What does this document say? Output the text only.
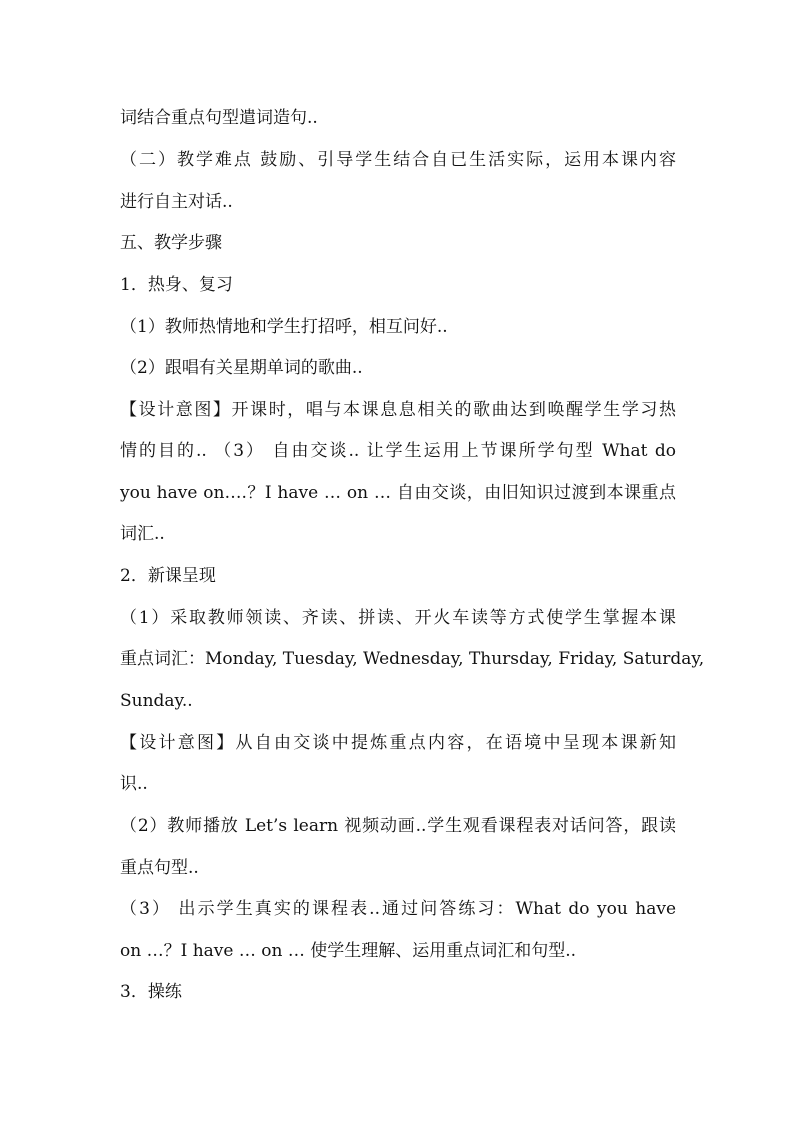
词结合重点句型遣词造句..
（二）教学难点 鼓励、引导学生结合自已生活实际，运用本课内容
进行自主对话..
五、教学步骤
1．热身、复习
（1）教师热情地和学生打招呼，相互问好..
（2）跟唱有关星期单词的歌曲..
【设计意图】开课时，唱与本课息息相关的歌曲达到唤醒学生学习热
情的目的.. （3） 自由交谈.. 让学生运用上节课所学句型 What do
you have on….？I have … on … 自由交谈，由旧知识过渡到本课重点
词汇..
2．新课呈现
（1）采取教师领读、齐读、拼读、开火车读等方式使学生掌握本课
重点词汇：Monday, Tuesday, Wednesday, Thursday, Friday, Saturday,
Sunday..
【设计意图】从自由交谈中提炼重点内容，在语境中呈现本课新知
识..
（2）教师播放 Let’s learn 视频动画..学生观看课程表对话问答，跟读
重点句型..
（3） 出示学生真实的课程表..通过问答练习：What do you have
on …？I have … on … 使学生理解、运用重点词汇和句型..
3．操练
